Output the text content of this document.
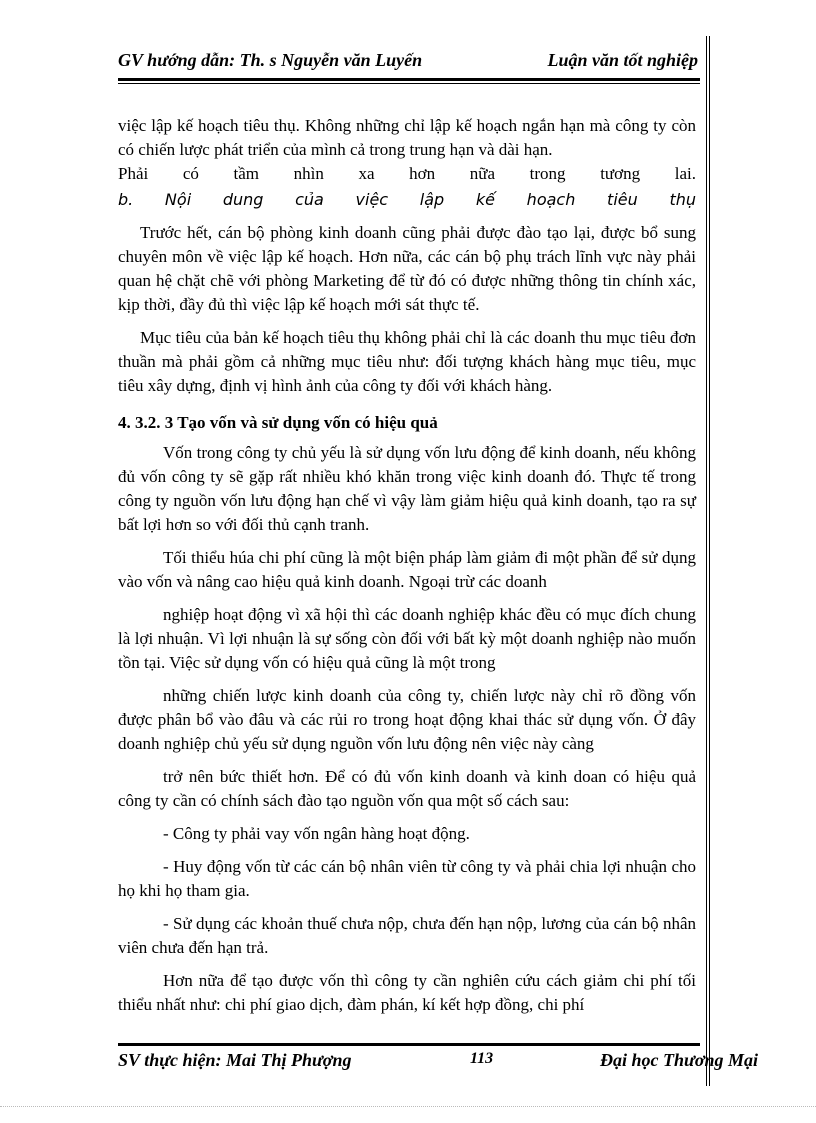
GV hướng dẫn: Th. s Nguyễn văn Luyến	Luận văn tốt nghiệp

việc lập kế hoạch tiêu thụ. Không những chỉ lập kế hoạch ngắn hạn mà công ty còn có chiến lược phát triển của mình cả trong trung hạn và dài hạn.

Phải có tầm nhìn xa hơn nữa trong tương lai.

b. Nội dung của việc lập kế hoạch tiêu thụ

Trước hết, cán bộ phòng kinh doanh cũng phải được đào tạo lại, được bổ sung chuyên môn về việc lập kế hoạch. Hơn nữa, các cán bộ phụ trách lĩnh vực này phải quan hệ chặt chẽ với phòng Marketing để từ đó có được những thông tin chính xác, kịp thời, đầy đủ thì việc lập kế hoạch mới sát thực tế.

Mục tiêu của bản kế hoạch tiêu thụ không phải chỉ là các doanh thu mục tiêu đơn thuần mà phải gồm cả những mục tiêu như: đối tượng khách hàng mục tiêu, mục tiêu xây dựng, định vị hình ảnh của công ty đối với khách hàng.

4. 3.2. 3 Tạo vốn và sử dụng vốn có hiệu quả

Vốn trong công ty chủ yếu là sử dụng vốn lưu động để kinh doanh, nếu không đủ vốn công ty sẽ gặp rất nhiều khó khăn trong việc kinh doanh đó. Thực tế trong công ty nguồn vốn lưu động hạn chế vì vậy làm giảm hiệu quả kinh doanh, tạo ra sự bất lợi hơn so với đối thủ cạnh tranh.

Tối thiểu húa chi phí cũng là một biện pháp làm giảm đi một phần để sử dụng vào vốn và nâng cao hiệu quả kinh doanh. Ngoại trừ các doanh

nghiệp hoạt động vì xã hội thì các doanh nghiệp khác đều có mục đích chung là lợi nhuận. Vì lợi nhuận là sự sống còn đối với bất kỳ một doanh nghiệp nào muốn tồn tại. Việc sử dụng vốn có hiệu quả cũng là một trong

những chiến lược kinh doanh của công ty, chiến lược này chỉ rõ đồng vốn được phân bổ vào đâu và các rủi ro trong hoạt động khai thác sử dụng vốn. Ở đây doanh nghiệp chủ yếu sử dụng nguồn vốn lưu động nên việc này càng

trở nên bức thiết hơn. Để có đủ vốn kinh doanh và kinh doan có hiệu quả công ty cần có chính sách đào tạo nguồn vốn qua một số cách sau:

- Công ty phải vay vốn ngân hàng hoạt động.

- Huy động vốn từ các cán bộ nhân viên từ công ty và phải chia lợi nhuận cho họ khi họ tham gia.

- Sử dụng các khoản thuế chưa nộp, chưa đến hạn nộp, lương của cán bộ nhân viên chưa đến hạn trả.

Hơn nữa để tạo được vốn thì công ty cần nghiên cứu cách giảm chi phí tối thiểu nhất như: chi phí giao dịch, đàm phán, kí kết hợp đồng, chi phí

SV thực hiện: Mai Thị Phượng	113	Đại học Thương Mại
